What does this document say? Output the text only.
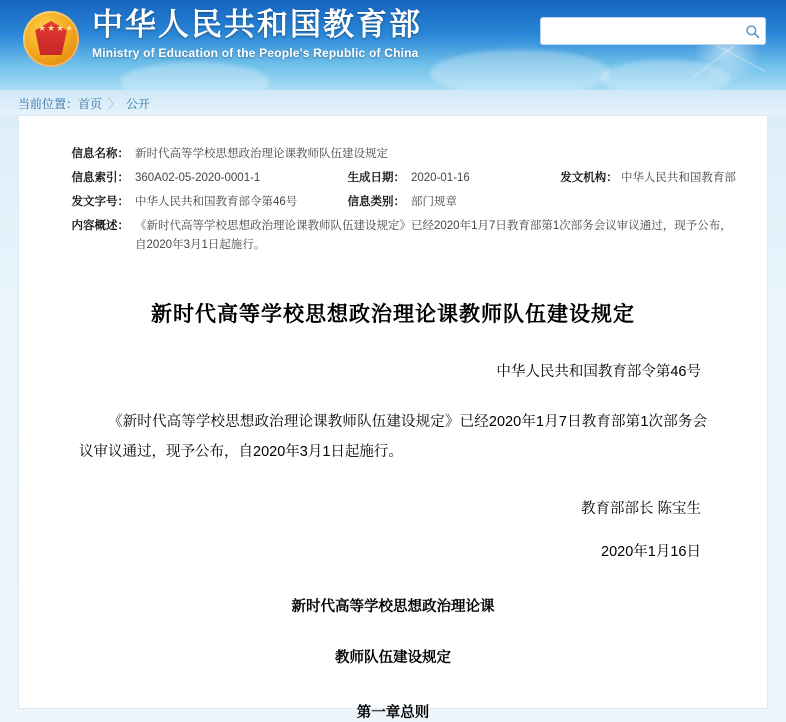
★★★★ 中华人民共和国教育部
Ministry of Education of the People's Republic of China
当前位置：首页 〉 公开
信息名称：	新时代高等学校思想政治理论课教师队伍建设规定		
信息索引：	360A02-05-2020-0001-1	生成日期：	2020-01-16 发文机构： 中华人民共和国教育部
发文字号：	中华人民共和国教育部令第46号	信息类别：	部门规章
内容概述：	《新时代高等学校思想政治理论课教师队伍建设规定》已经2020年1月7日教育部第1次部务会议审议通过，现予公布，自2020年3月1日起施行。		
新时代高等学校思想政治理论课教师队伍建设规定
中华人民共和国教育部令第46号
《新时代高等学校思想政治理论课教师队伍建设规定》已经2020年1月7日教育部第1次部务会议审议通过，现予公布，自2020年3月1日起施行。
教育部部长 陈宝生
2020年1月16日
新时代高等学校思想政治理论课
教师队伍建设规定
第一章总则
